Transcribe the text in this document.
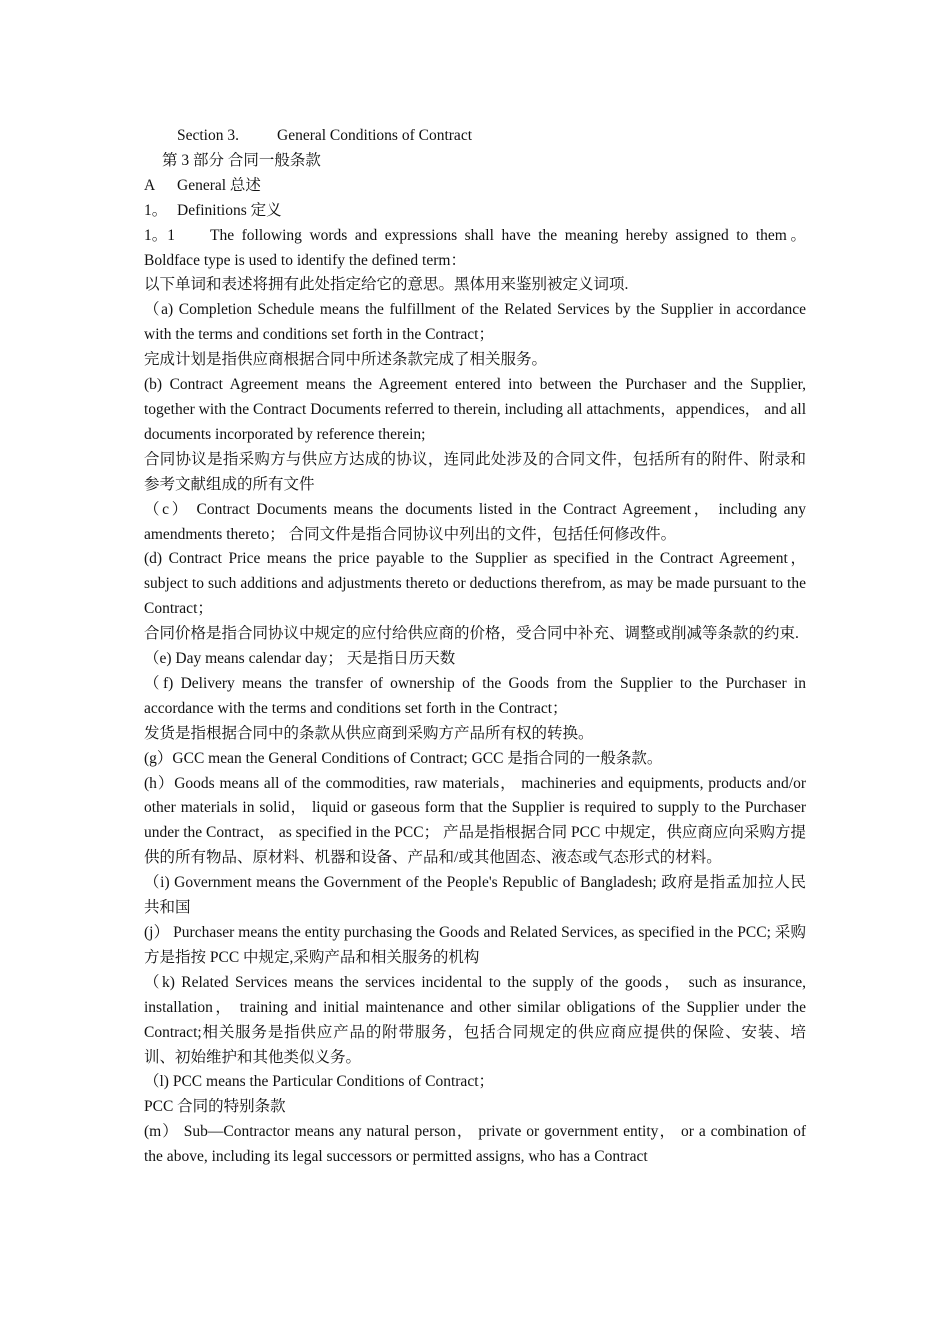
Section 3. General Conditions of Contract

第 3 部分 合同一般条款

A General 总述

1。Definitions 定义

1。1 The following words and expressions shall have the meaning hereby assigned to them。Boldface type is used to identify the defined term：

以下单词和表述将拥有此处指定给它的意思。黑体用来鉴别被定义词项.

（a) Completion Schedule means the fulfillment of the Related Services by the Supplier in accordance with the terms and conditions set forth in the Contract；

完成计划是指供应商根据合同中所述条款完成了相关服务。

(b) Contract Agreement means the Agreement entered into between the Purchaser and the Supplier, together with the Contract Documents referred to therein, including all attachments，appendices， and all documents incorporated by reference therein;

合同协议是指采购方与供应方达成的协议，连同此处涉及的合同文件，包括所有的附件、附录和参考文献组成的所有文件

（c） Contract Documents means the documents listed in the Contract Agreement， including any amendments thereto； 合同文件是指合同协议中列出的文件，包括任何修改件。

(d) Contract Price means the price payable to the Supplier as specified in the Contract Agreement， subject to such additions and adjustments thereto or deductions therefrom, as may be made pursuant to the Contract；

合同价格是指合同协议中规定的应付给供应商的价格，受合同中补充、调整或削减等条款的约束.

（e) Day means calendar day； 天是指日历天数

（f) Delivery means the transfer of ownership of the Goods from the Supplier to the Purchaser in accordance with the terms and conditions set forth in the Contract；

发货是指根据合同中的条款从供应商到采购方产品所有权的转换。

(g）GCC mean the General Conditions of Contract; GCC 是指合同的一般条款。

(h）Goods means all of the commodities, raw materials， machineries and equipments, products and/or other materials in solid， liquid or gaseous form that the Supplier is required to supply to the Purchaser under the Contract， as specified in the PCC； 产品是指根据合同 PCC 中规定，供应商应向采购方提供的所有物品、原材料、机器和设备、产品和/或其他固态、液态或气态形式的材料。

（i) Government means the Government of the People's Republic of Bangladesh; 政府是指孟加拉人民共和国

(j） Purchaser means the entity purchasing the Goods and Related Services, as specified in the PCC; 采购方是指按 PCC 中规定,采购产品和相关服务的机构

（k) Related Services means the services incidental to the supply of the goods， such as insurance, installation， training and initial maintenance and other similar obligations of the Supplier under the Contract;相关服务是指供应产品的附带服务，包括合同规定的供应商应提供的保险、安装、培训、初始维护和其他类似义务。

（l) PCC means the Particular Conditions of Contract；

PCC 合同的特别条款

(m） Sub—Contractor means any natural person， private or government entity， or a combination of the above, including its legal successors or permitted assigns, who has a Contract
